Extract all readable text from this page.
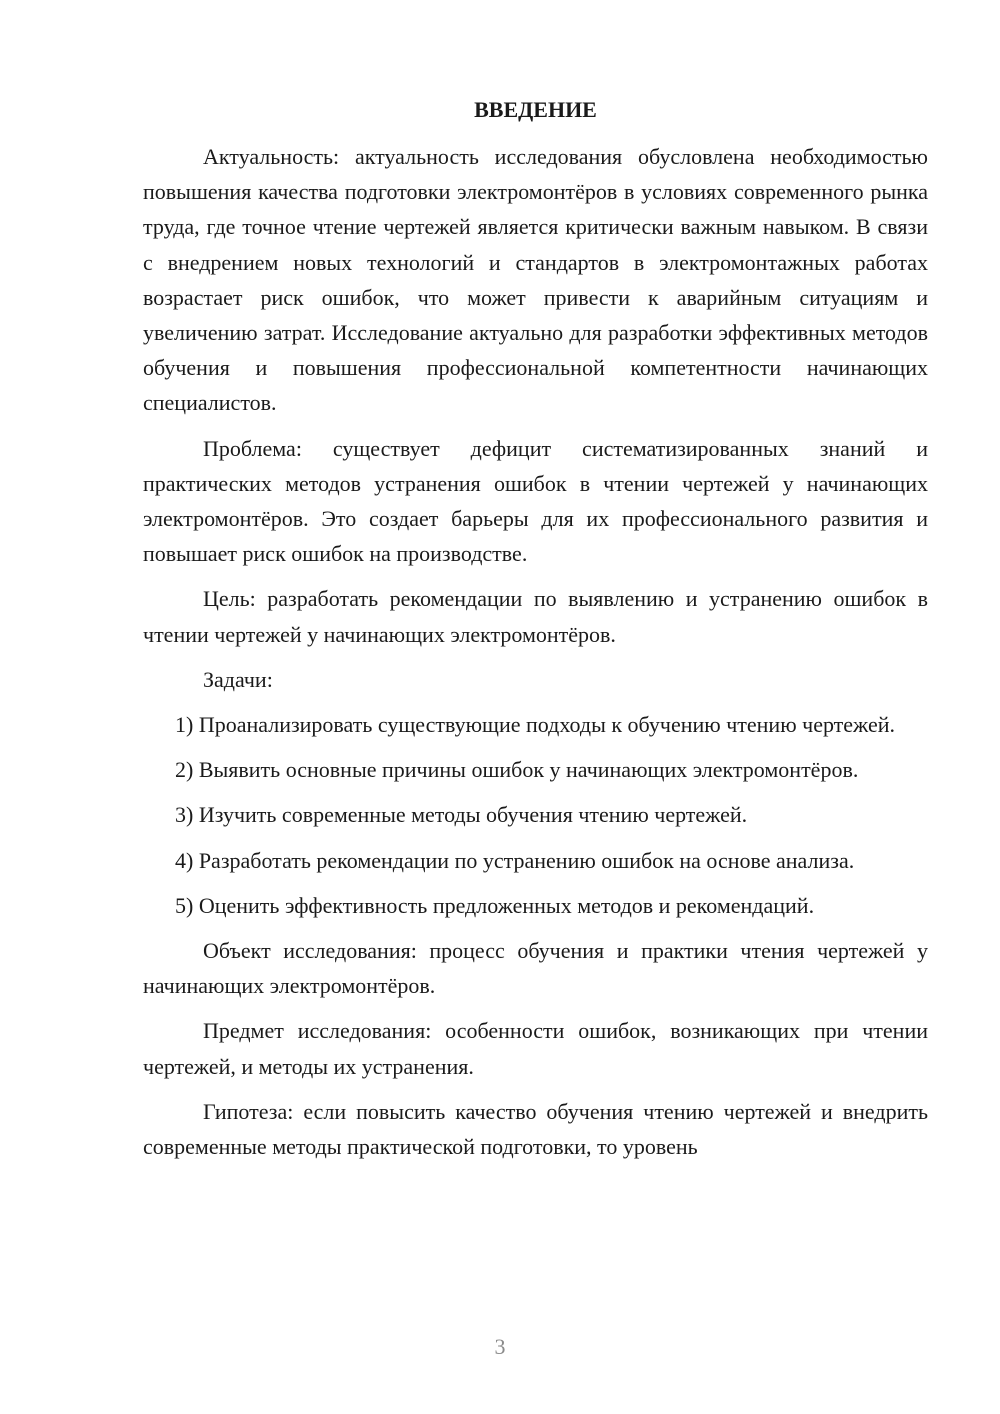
ВВЕДЕНИЕ

Актуальность: актуальность исследования обусловлена необходимостью повышения качества подготовки электромонтёров в условиях современного рынка труда, где точное чтение чертежей является критически важным навыком. В связи с внедрением новых технологий и стандартов в электромонтажных работах возрастает риск ошибок, что может привести к аварийным ситуациям и увеличению затрат. Исследование актуально для разработки эффективных методов обучения и повышения профессиональной компетентности начинающих специалистов.

Проблема: существует дефицит систематизированных знаний и практических методов устранения ошибок в чтении чертежей у начинающих электромонтёров. Это создает барьеры для их профессионального развития и повышает риск ошибок на производстве.

Цель: разработать рекомендации по выявлению и устранению ошибок в чтении чертежей у начинающих электромонтёров.

Задачи:

1) Проанализировать существующие подходы к обучению чтению чертежей.

2) Выявить основные причины ошибок у начинающих электромонтёров.

3) Изучить современные методы обучения чтению чертежей.

4) Разработать рекомендации по устранению ошибок на основе анализа.

5) Оценить эффективность предложенных методов и рекомендаций.

Объект исследования: процесс обучения и практики чтения чертежей у начинающих электромонтёров.

Предмет исследования: особенности ошибок, возникающих при чтении чертежей, и методы их устранения.

Гипотеза: если повысить качество обучения чтению чертежей и внедрить современные методы практической подготовки, то уровень

3
